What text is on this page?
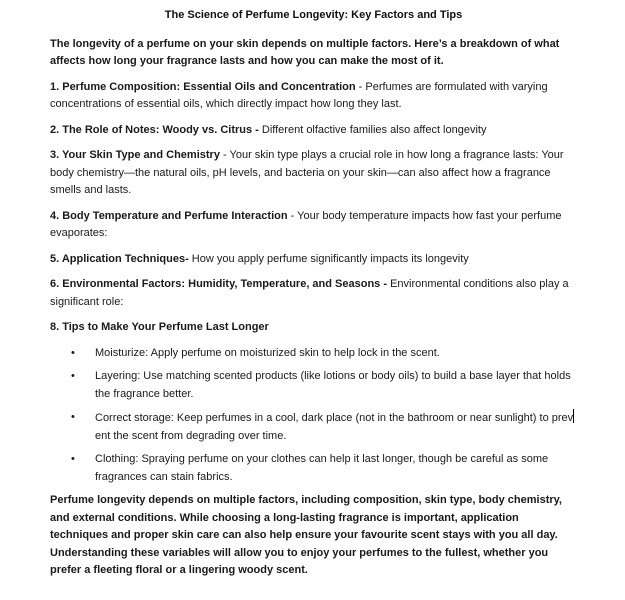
The Science of Perfume Longevity: Key Factors and Tips

The longevity of a perfume on your skin depends on multiple factors. Here’s a breakdown of what affects how long your fragrance lasts and how you can make the most of it.

1. Perfume Composition: Essential Oils and Concentration - Perfumes are formulated with varying concentrations of essential oils, which directly impact how long they last.

2. The Role of Notes: Woody vs. Citrus - Different olfactive families also affect longevity

3. Your Skin Type and Chemistry - Your skin type plays a crucial role in how long a fragrance lasts: Your body chemistry—the natural oils, pH levels, and bacteria on your skin—can also affect how a fragrance smells and lasts.

4. Body Temperature and Perfume Interaction - Your body temperature impacts how fast your perfume evaporates:

5. Application Techniques- How you apply perfume significantly impacts its longevity

6. Environmental Factors: Humidity, Temperature, and Seasons - Environmental conditions also play a significant role:

8. Tips to Make Your Perfume Last Longer

•	Moisturize: Apply perfume on moisturized skin to help lock in the scent.
•	Layering: Use matching scented products (like lotions or body oils) to build a base layer that holds the fragrance better.
•	Correct storage: Keep perfumes in a cool, dark place (not in the bathroom or near sunlight) to prevent the scent from degrading over time.
•	Clothing: Spraying perfume on your clothes can help it last longer, though be careful as some fragrances can stain fabrics.

Perfume longevity depends on multiple factors, including composition, skin type, body chemistry, and external conditions. While choosing a long-lasting fragrance is important, application techniques and proper skin care can also help ensure your favourite scent stays with you all day. Understanding these variables will allow you to enjoy your perfumes to the fullest, whether you prefer a fleeting floral or a lingering woody scent.
